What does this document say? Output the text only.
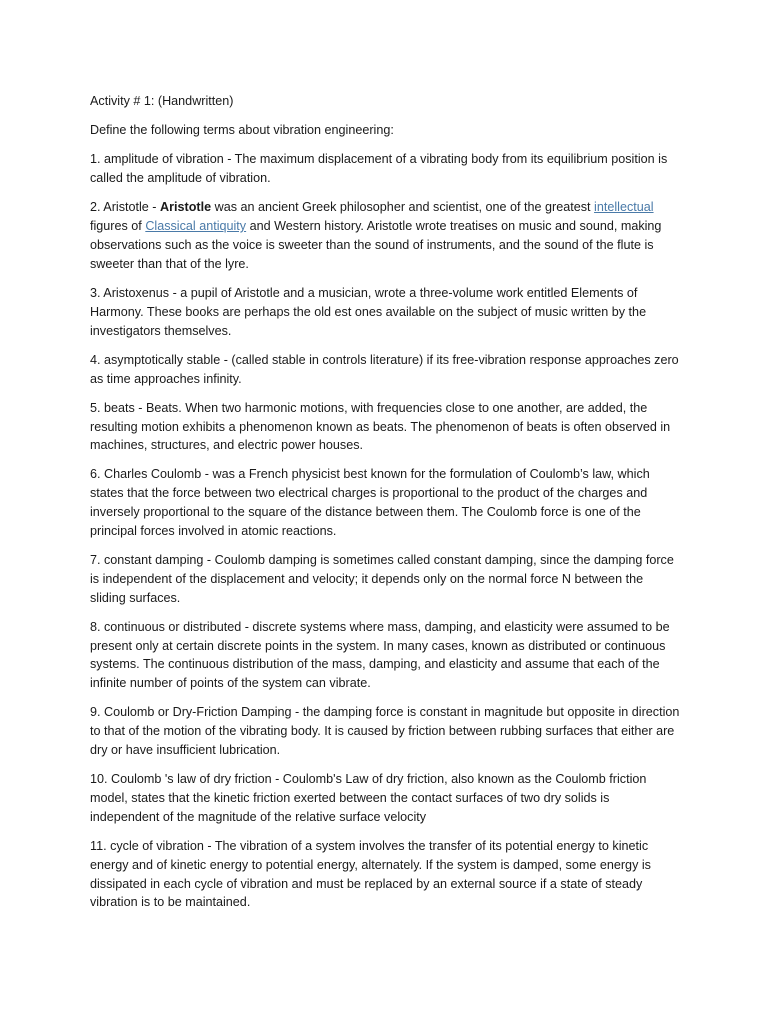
Activity # 1: (Handwritten)

Define the following terms about vibration engineering:

1. amplitude of vibration - The maximum displacement of a vibrating body from its equilibrium position is called the amplitude of vibration.

2. Aristotle - Aristotle was an ancient Greek philosopher and scientist, one of the greatest intellectual figures of Classical antiquity and Western history. Aristotle wrote treatises on music and sound, making observations such as the voice is sweeter than the sound of instruments, and the sound of the flute is sweeter than that of the lyre.

3. Aristoxenus - a pupil of Aristotle and a musician, wrote a three-volume work entitled Elements of Harmony. These books are perhaps the old est ones available on the subject of music written by the investigators themselves.

4. asymptotically stable - (called stable in controls literature) if its free-vibration response approaches zero as time approaches infinity.

5. beats - Beats. When two harmonic motions, with frequencies close to one another, are added, the resulting motion exhibits a phenomenon known as beats. The phenomenon of beats is often observed in machines, structures, and electric power houses.

6. Charles Coulomb - was a French physicist best known for the formulation of Coulomb’s law, which states that the force between two electrical charges is proportional to the product of the charges and inversely proportional to the square of the distance between them. The Coulomb force is one of the principal forces involved in atomic reactions.

7. constant damping - Coulomb damping is sometimes called constant damping, since the damping force is independent of the displacement and velocity; it depends only on the normal force N between the sliding surfaces.

8. continuous or distributed - discrete systems where mass, damping, and elasticity were assumed to be present only at certain discrete points in the system. In many cases, known as distributed or continuous systems. The continuous distribution of the mass, damping, and elasticity and assume that each of the infinite number of points of the system can vibrate.

9. Coulomb or Dry-Friction Damping - the damping force is constant in magnitude but opposite in direction to that of the motion of the vibrating body. It is caused by friction between rubbing surfaces that either are dry or have insufficient lubrication.

10. Coulomb 's law of dry friction - Coulomb's Law of dry friction, also known as the Coulomb friction model, states that the kinetic friction exerted between the contact surfaces of two dry solids is independent of the magnitude of the relative surface velocity

11. cycle of vibration - The vibration of a system involves the transfer of its potential energy to kinetic energy and of kinetic energy to potential energy, alternately. If the system is damped, some energy is dissipated in each cycle of vibration and must be replaced by an external source if a state of steady vibration is to be maintained.
